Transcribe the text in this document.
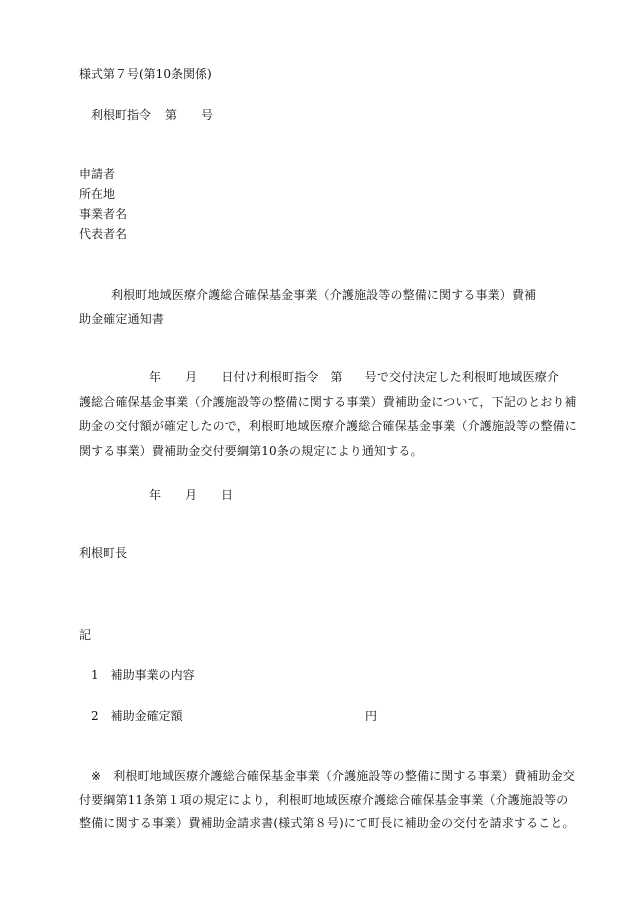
様式第７号(第10条関係)
利根町指令 第 号
申請者
所在地
事業者名
代表者名
利根町地域医療介護総合確保基金事業（介護施設等の整備に関する事業）費補
助金確定通知書
年 月 日付け利根町指令 第 号で交付決定した利根町地域医療介
護総合確保基金事業（介護施設等の整備に関する事業）費補助金について，下記のとおり補
助金の交付額が確定したので，利根町地域医療介護総合確保基金事業（介護施設等の整備に
関する事業）費補助金交付要綱第10条の規定により通知する。
年 月 日
利根町長
記
1 補助事業の内容
2 補助金確定額	円
※ 利根町地域医療介護総合確保基金事業（介護施設等の整備に関する事業）費補助金交
付要綱第11条第１項の規定により，利根町地域医療介護総合確保基金事業（介護施設等の
整備に関する事業）費補助金請求書(様式第８号)にて町長に補助金の交付を請求すること。
